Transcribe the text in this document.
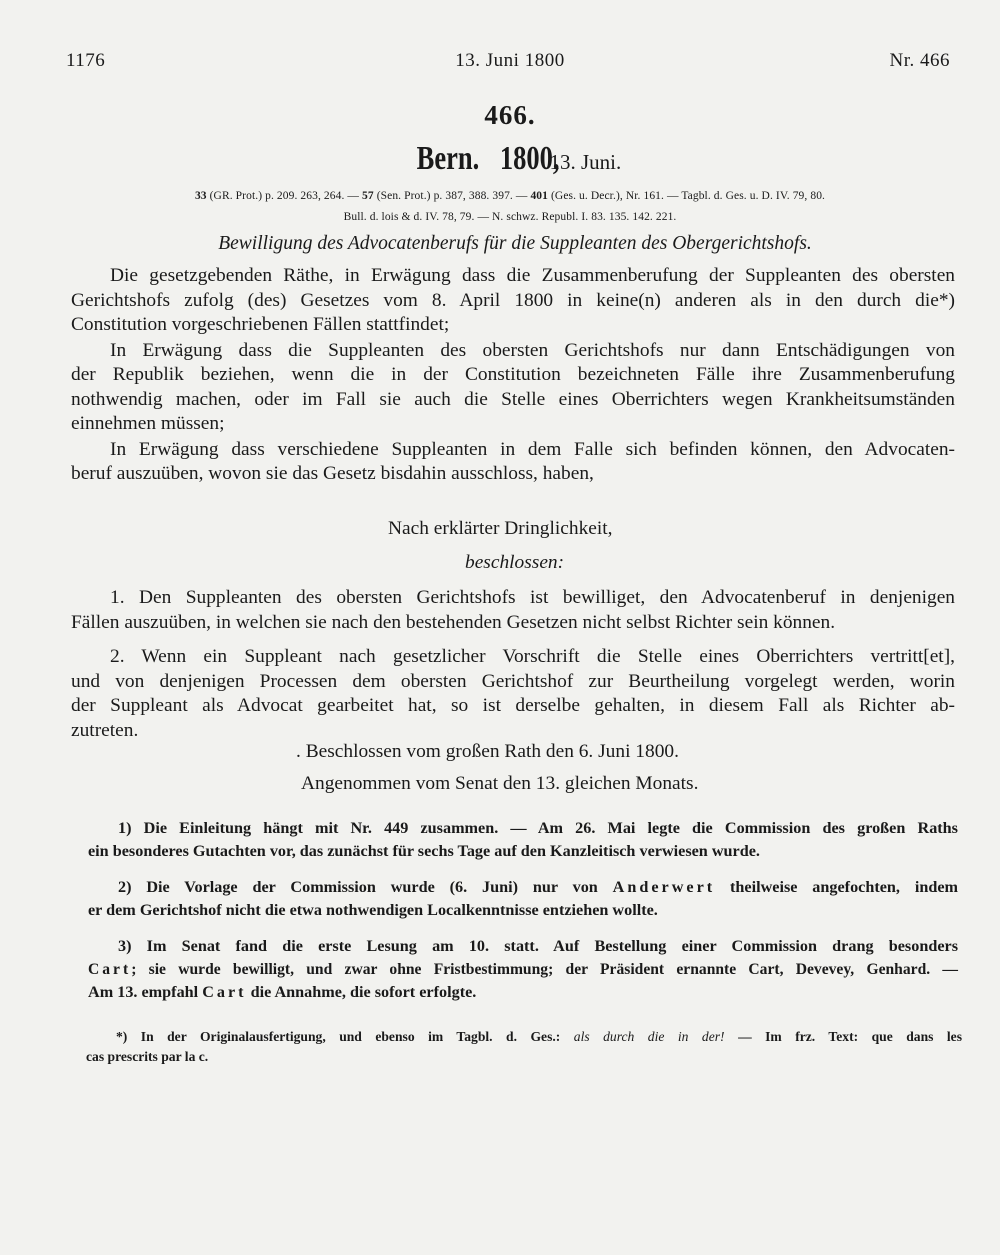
1176	13. Juni 1800	Nr. 466
466.
Bern. 1800, 13. Juni.
33 (GR. Prot.) p. 209. 263, 264. — 57 (Sen. Prot.) p. 387, 388. 397. — 401 (Ges. u. Decr.), Nr. 161. — Tagbl. d. Ges. u. D. IV. 79, 80.
Bull. d. lois & d. IV. 78, 79. — N. schwz. Republ. I. 83. 135. 142. 221.
Bewilligung des Advocatenberufs für die Suppleanten des Obergerichtshofs.
Die gesetzgebenden Räthe, in Erwägung dass die Zusammenberufung der Suppleanten des obersten
Gerichtshofs zufolg (des) Gesetzes vom 8. April 1800 in keine(n) anderen als in den durch die*)
Constitution vorgeschriebenen Fällen stattfindet;
In Erwägung dass die Suppleanten des obersten Gerichtshofs nur dann Entschädigungen von
der Republik beziehen, wenn die in der Constitution bezeichneten Fälle ihre Zusammenberufung
nothwendig machen, oder im Fall sie auch die Stelle eines Oberrichters wegen Krankheitsumständen
einnehmen müssen;
In Erwägung dass verschiedene Suppleanten in dem Falle sich befinden können, den Advocaten-
beruf auszuüben, wovon sie das Gesetz bisdahin ausschloss, haben,
Nach erklärter Dringlichkeit,
beschlossen:
1. Den Suppleanten des obersten Gerichtshofs ist bewilliget, den Advocatenberuf in denjenigen
Fällen auszuüben, in welchen sie nach den bestehenden Gesetzen nicht selbst Richter sein können.
2. Wenn ein Suppleant nach gesetzlicher Vorschrift die Stelle eines Oberrichters vertritt[et],
und von denjenigen Processen dem obersten Gerichtshof zur Beurtheilung vorgelegt werden, worin
der Suppleant als Advocat gearbeitet hat, so ist derselbe gehalten, in diesem Fall als Richter ab-
zutreten.
. Beschlossen vom großen Rath den 6. Juni 1800.
Angenommen vom Senat den 13. gleichen Monats.
1) Die Einleitung hängt mit Nr. 449 zusammen. — Am 26. Mai legte die Commission des großen Raths
ein besonderes Gutachten vor, das zunächst für sechs Tage auf den Kanzleitisch verwiesen wurde.
2) Die Vorlage der Commission wurde (6. Juni) nur von Anderwert theilweise angefochten, indem
er dem Gerichtshof nicht die etwa nothwendigen Localkenntnisse entziehen wollte.
3) Im Senat fand die erste Lesung am 10. statt. Auf Bestellung einer Commission drang besonders
Cart; sie wurde bewilligt, und zwar ohne Fristbestimmung; der Präsident ernannte Cart, Devevey, Genhard. —
Am 13. empfahl Cart die Annahme, die sofort erfolgte.
*) In der Originalausfertigung, und ebenso im Tagbl. d. Ges.: als durch die in der! — Im frz. Text: que dans les
cas prescrits par la c.
